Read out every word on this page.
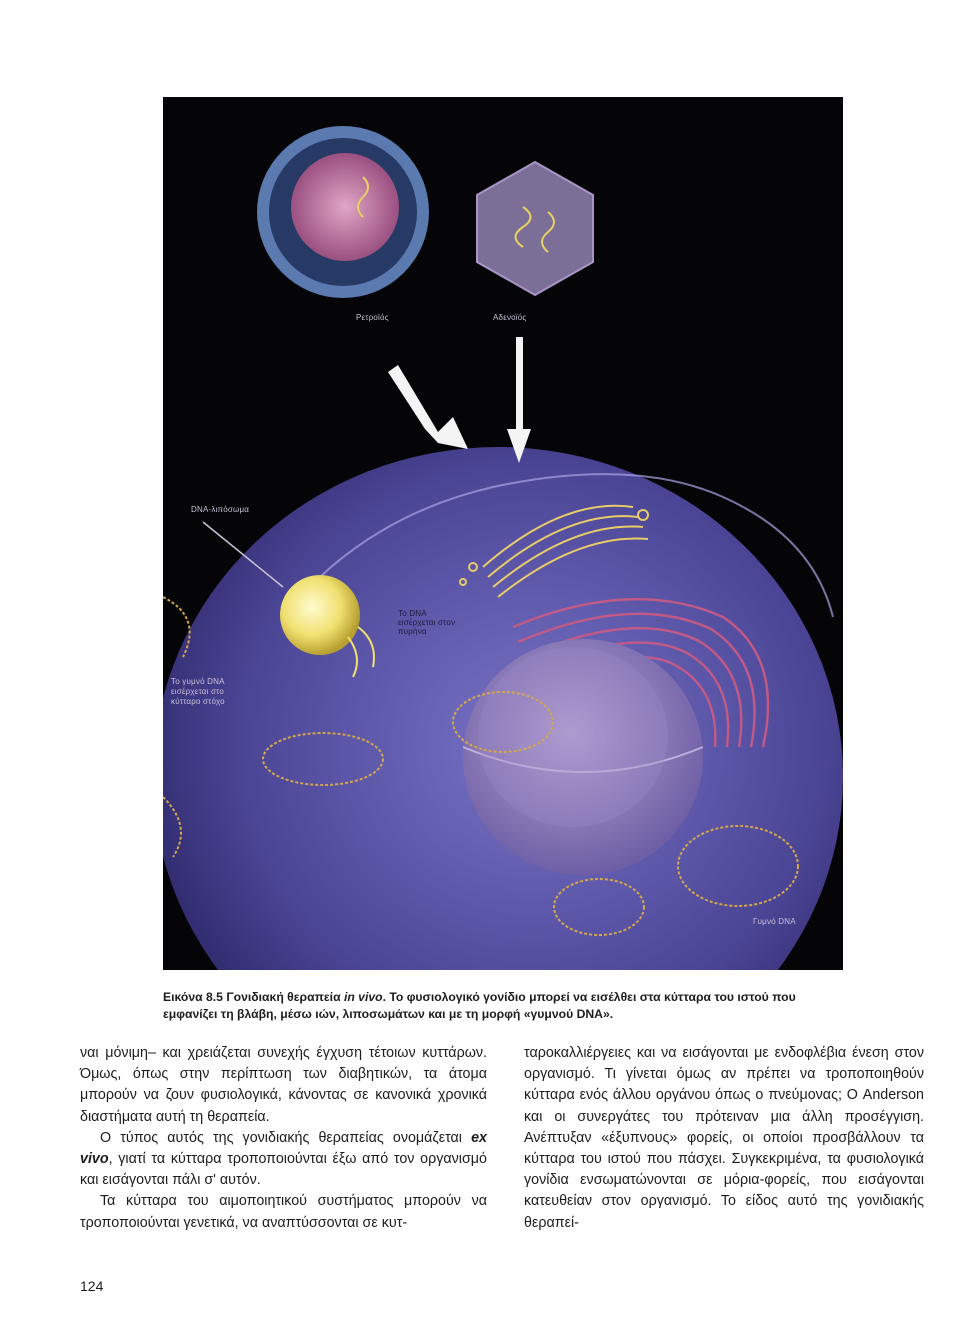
Ρετροϊός	Αδενοϊός
DNA-λιπόσωμα
Το DNA εισέρχεται στον πυρήνα
Το γυμνό DNA εισέρχεται στο κύτταρο στόχο
Γυμνό DNA
Εικόνα 8.5 Γονιδιακή θεραπεία in vivo. Το φυσιολογικό γονίδιο μπορεί να εισέλθει στα κύτταρα του ιστού που εμφανίζει τη βλάβη, μέσω ιών, λιποσωμάτων και με τη μορφή «γυμνού DNA».

ναι μόνιμη– και χρειάζεται συνεχής έγχυση τέτοιων κυττάρων. Όμως, όπως στην περίπτωση των διαβητικών, τα άτομα μπορούν να ζουν φυσιολογικά, κάνοντας σε κανονικά χρονικά διαστήματα αυτή τη θεραπεία.

Ο τύπος αυτός της γονιδιακής θεραπείας ονομάζεται ex vivo, γιατί τα κύτταρα τροποποιούνται έξω από τον οργανισμό και εισάγονται πάλι σ' αυτόν.

Τα κύτταρα του αιμοποιητικού συστήματος μπορούν να τροποποιούνται γενετικά, να αναπτύσσονται σε κυτ-

ταροκαλλιέργειες και να εισάγονται με ενδοφλέβια ένεση στον οργανισμό. Τι γίνεται όμως αν πρέπει να τροποποιηθούν κύτταρα ενός άλλου οργάνου όπως ο πνεύμονας; Ο Anderson και οι συνεργάτες του πρότειναν μια άλλη προσέγγιση. Ανέπτυξαν «έξυπνους» φορείς, οι οποίοι προσβάλλουν τα κύτταρα του ιστού που πάσχει. Συγκεκριμένα, τα φυσιολογικά γονίδια ενσωματώνονται σε μόρια-φορείς, που εισάγονται κατευθείαν στον οργανισμό. Το είδος αυτό της γονιδιακής θεραπεί-

124
